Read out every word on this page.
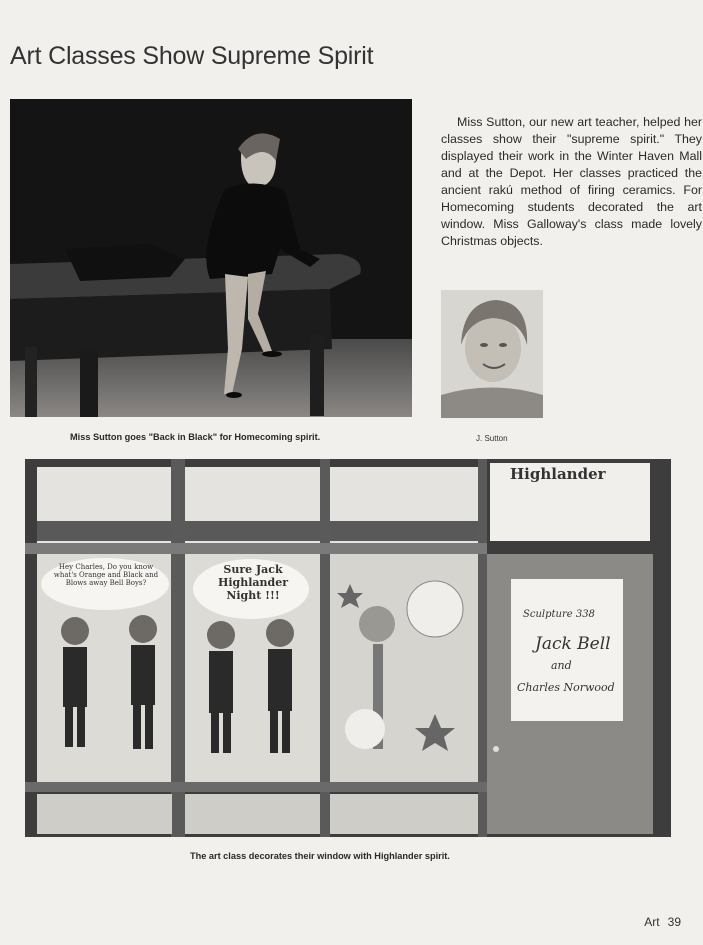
Art Classes Show Supreme Spirit
Miss Sutton, our new art teacher, helped her classes show their "supreme spirit." They displayed their work in the Winter Haven Mall and at the Depot. Her classes practiced the ancient rakú method of firing ceramics. For Homecoming students decorated the art window. Miss Galloway's class made lovely Christmas objects.
Miss Sutton goes "Back in Black" for Homecoming spirit.	J. Sutton
Highlander
Sculpture 338
Jack Bell
and
Charles Norwood
Hey Charles, Do you know what's Orange and Black and Blows away Bell Boys?
Sure Jack Highlander Night !!!
The art class decorates their window with Highlander spirit.
Art 39
